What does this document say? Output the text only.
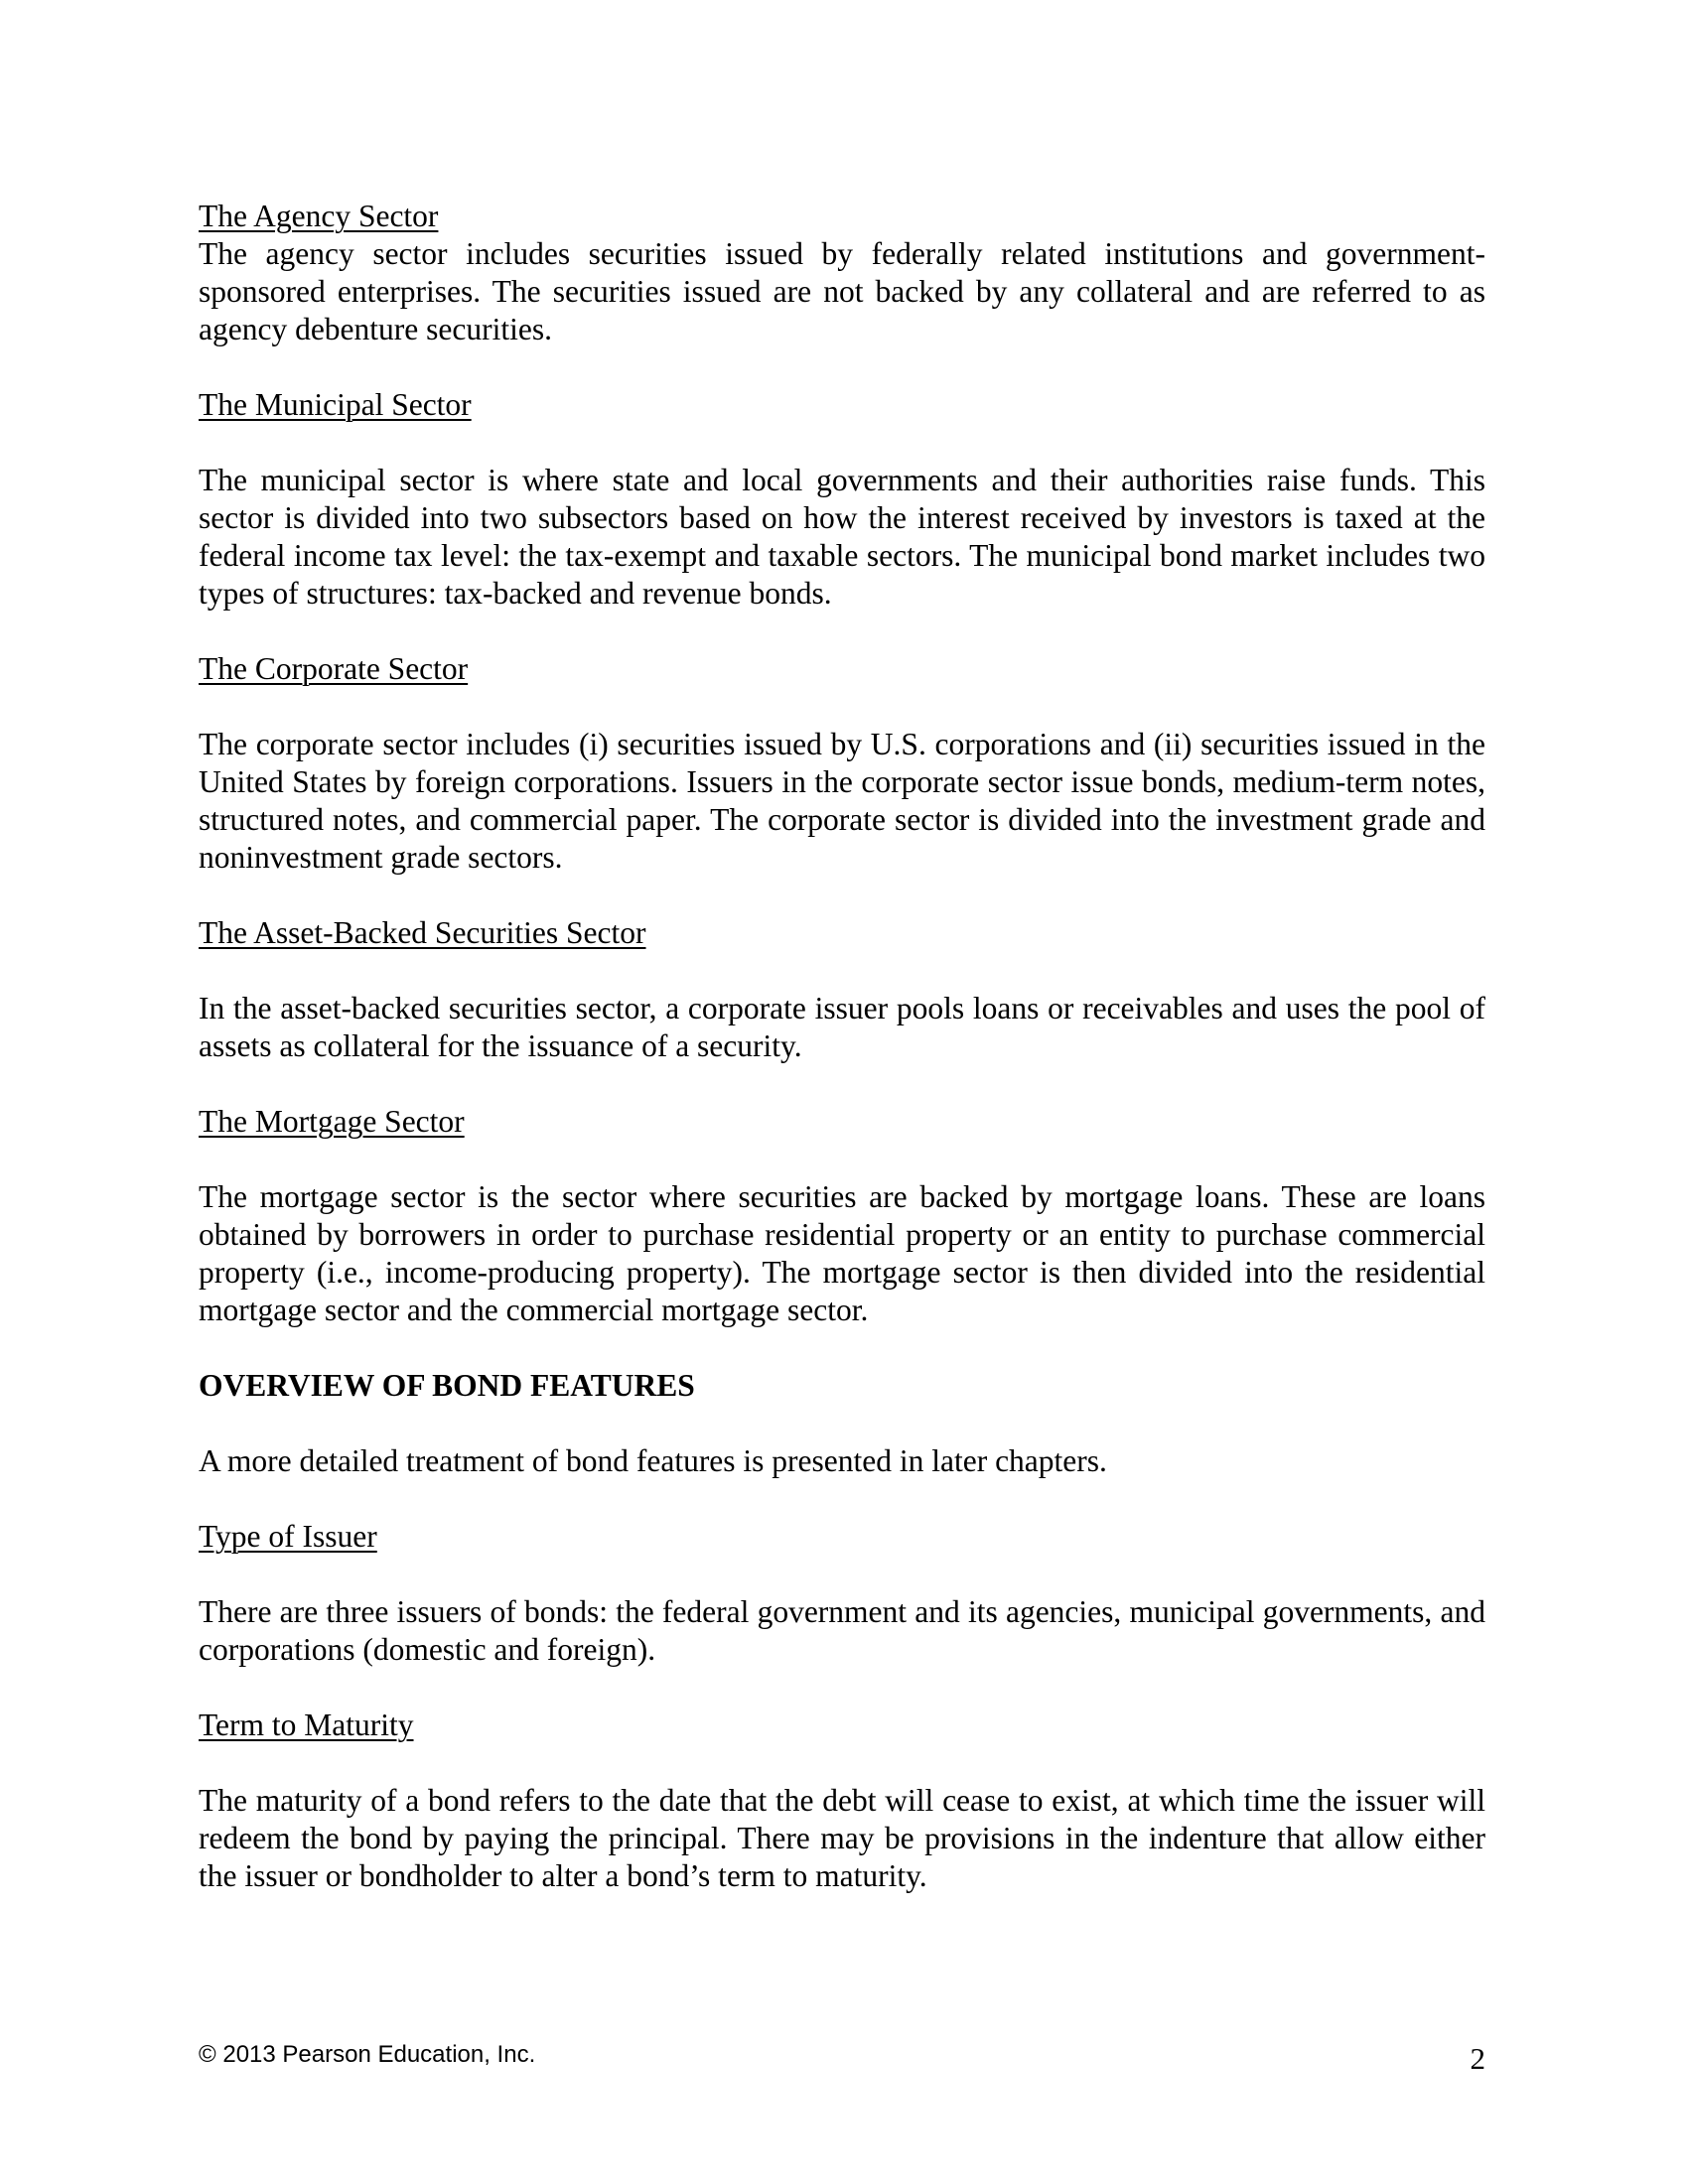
The Agency Sector

The agency sector includes securities issued by federally related institutions and government-sponsored enterprises. The securities issued are not backed by any collateral and are referred to as agency debenture securities.

The Municipal Sector

The municipal sector is where state and local governments and their authorities raise funds. This sector is divided into two subsectors based on how the interest received by investors is taxed at the federal income tax level: the tax-exempt and taxable sectors. The municipal bond market includes two types of structures: tax-backed and revenue bonds.

The Corporate Sector

The corporate sector includes (i) securities issued by U.S. corporations and (ii) securities issued in the United States by foreign corporations. Issuers in the corporate sector issue bonds, medium-term notes, structured notes, and commercial paper. The corporate sector is divided into the investment grade and noninvestment grade sectors.

The Asset-Backed Securities Sector

In the asset-backed securities sector, a corporate issuer pools loans or receivables and uses the pool of assets as collateral for the issuance of a security.

The Mortgage Sector

The mortgage sector is the sector where securities are backed by mortgage loans. These are loans obtained by borrowers in order to purchase residential property or an entity to purchase commercial property (i.e., income-producing property). The mortgage sector is then divided into the residential mortgage sector and the commercial mortgage sector.

OVERVIEW OF BOND FEATURES

A more detailed treatment of bond features is presented in later chapters.

Type of Issuer

There are three issuers of bonds: the federal government and its agencies, municipal governments, and corporations (domestic and foreign).

Term to Maturity

The maturity of a bond refers to the date that the debt will cease to exist, at which time the issuer will redeem the bond by paying the principal. There may be provisions in the indenture that allow either the issuer or bondholder to alter a bond’s term to maturity.

© 2013 Pearson Education, Inc.	2
